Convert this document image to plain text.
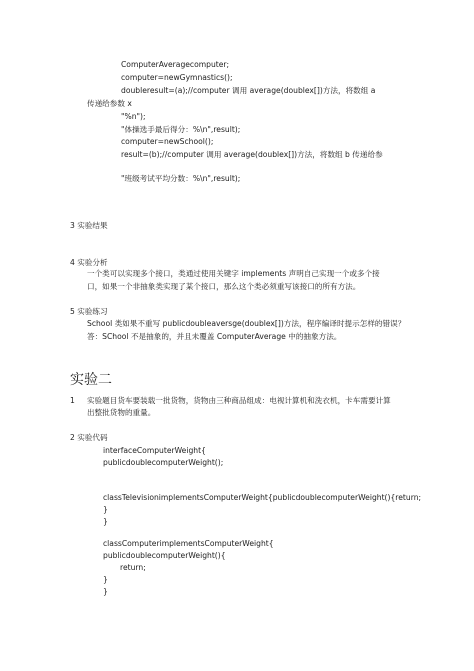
ComputerAveragecomputer;
computer=newGymnastics();
doubleresult=(a);//computer 调用 average(doublex[])方法，将数组 a
传递给参数 x
"%n");
"体操选手最后得分：%\n",result);
computer=newSchool();
result=(b);//computer 调用 average(doublex[])方法，将数组 b 传递给参
"班级考试平均分数：%\n",result);
3 实验结果
4 实验分析
一个类可以实现多个接口，类通过使用关键字 implements 声明自己实现一个或多个接
口，如果一个非抽象类实现了某个接口，那么这个类必须重写该接口的所有方法。
5 实验练习
School 类如果不重写 publicdoubleaversge(doublex[])方法，程序编译时提示怎样的错误？
答：SChool 不是抽象的，并且未覆盖 ComputerAverage 中的抽象方法。
实验二
1 实验题目货车要装载一批货物，货物由三种商品组成：电视计算机和洗衣机，卡车需要计算
出整批货物的重量。
2 实验代码
interfaceComputerWeight{
publicdoublecomputerWeight();
classTelevisionimplementsComputerWeight{publicdoublecomputerWeight(){return;
}
}
classComputerimplementsComputerWeight{
publicdoublecomputerWeight(){
return;
}
}
